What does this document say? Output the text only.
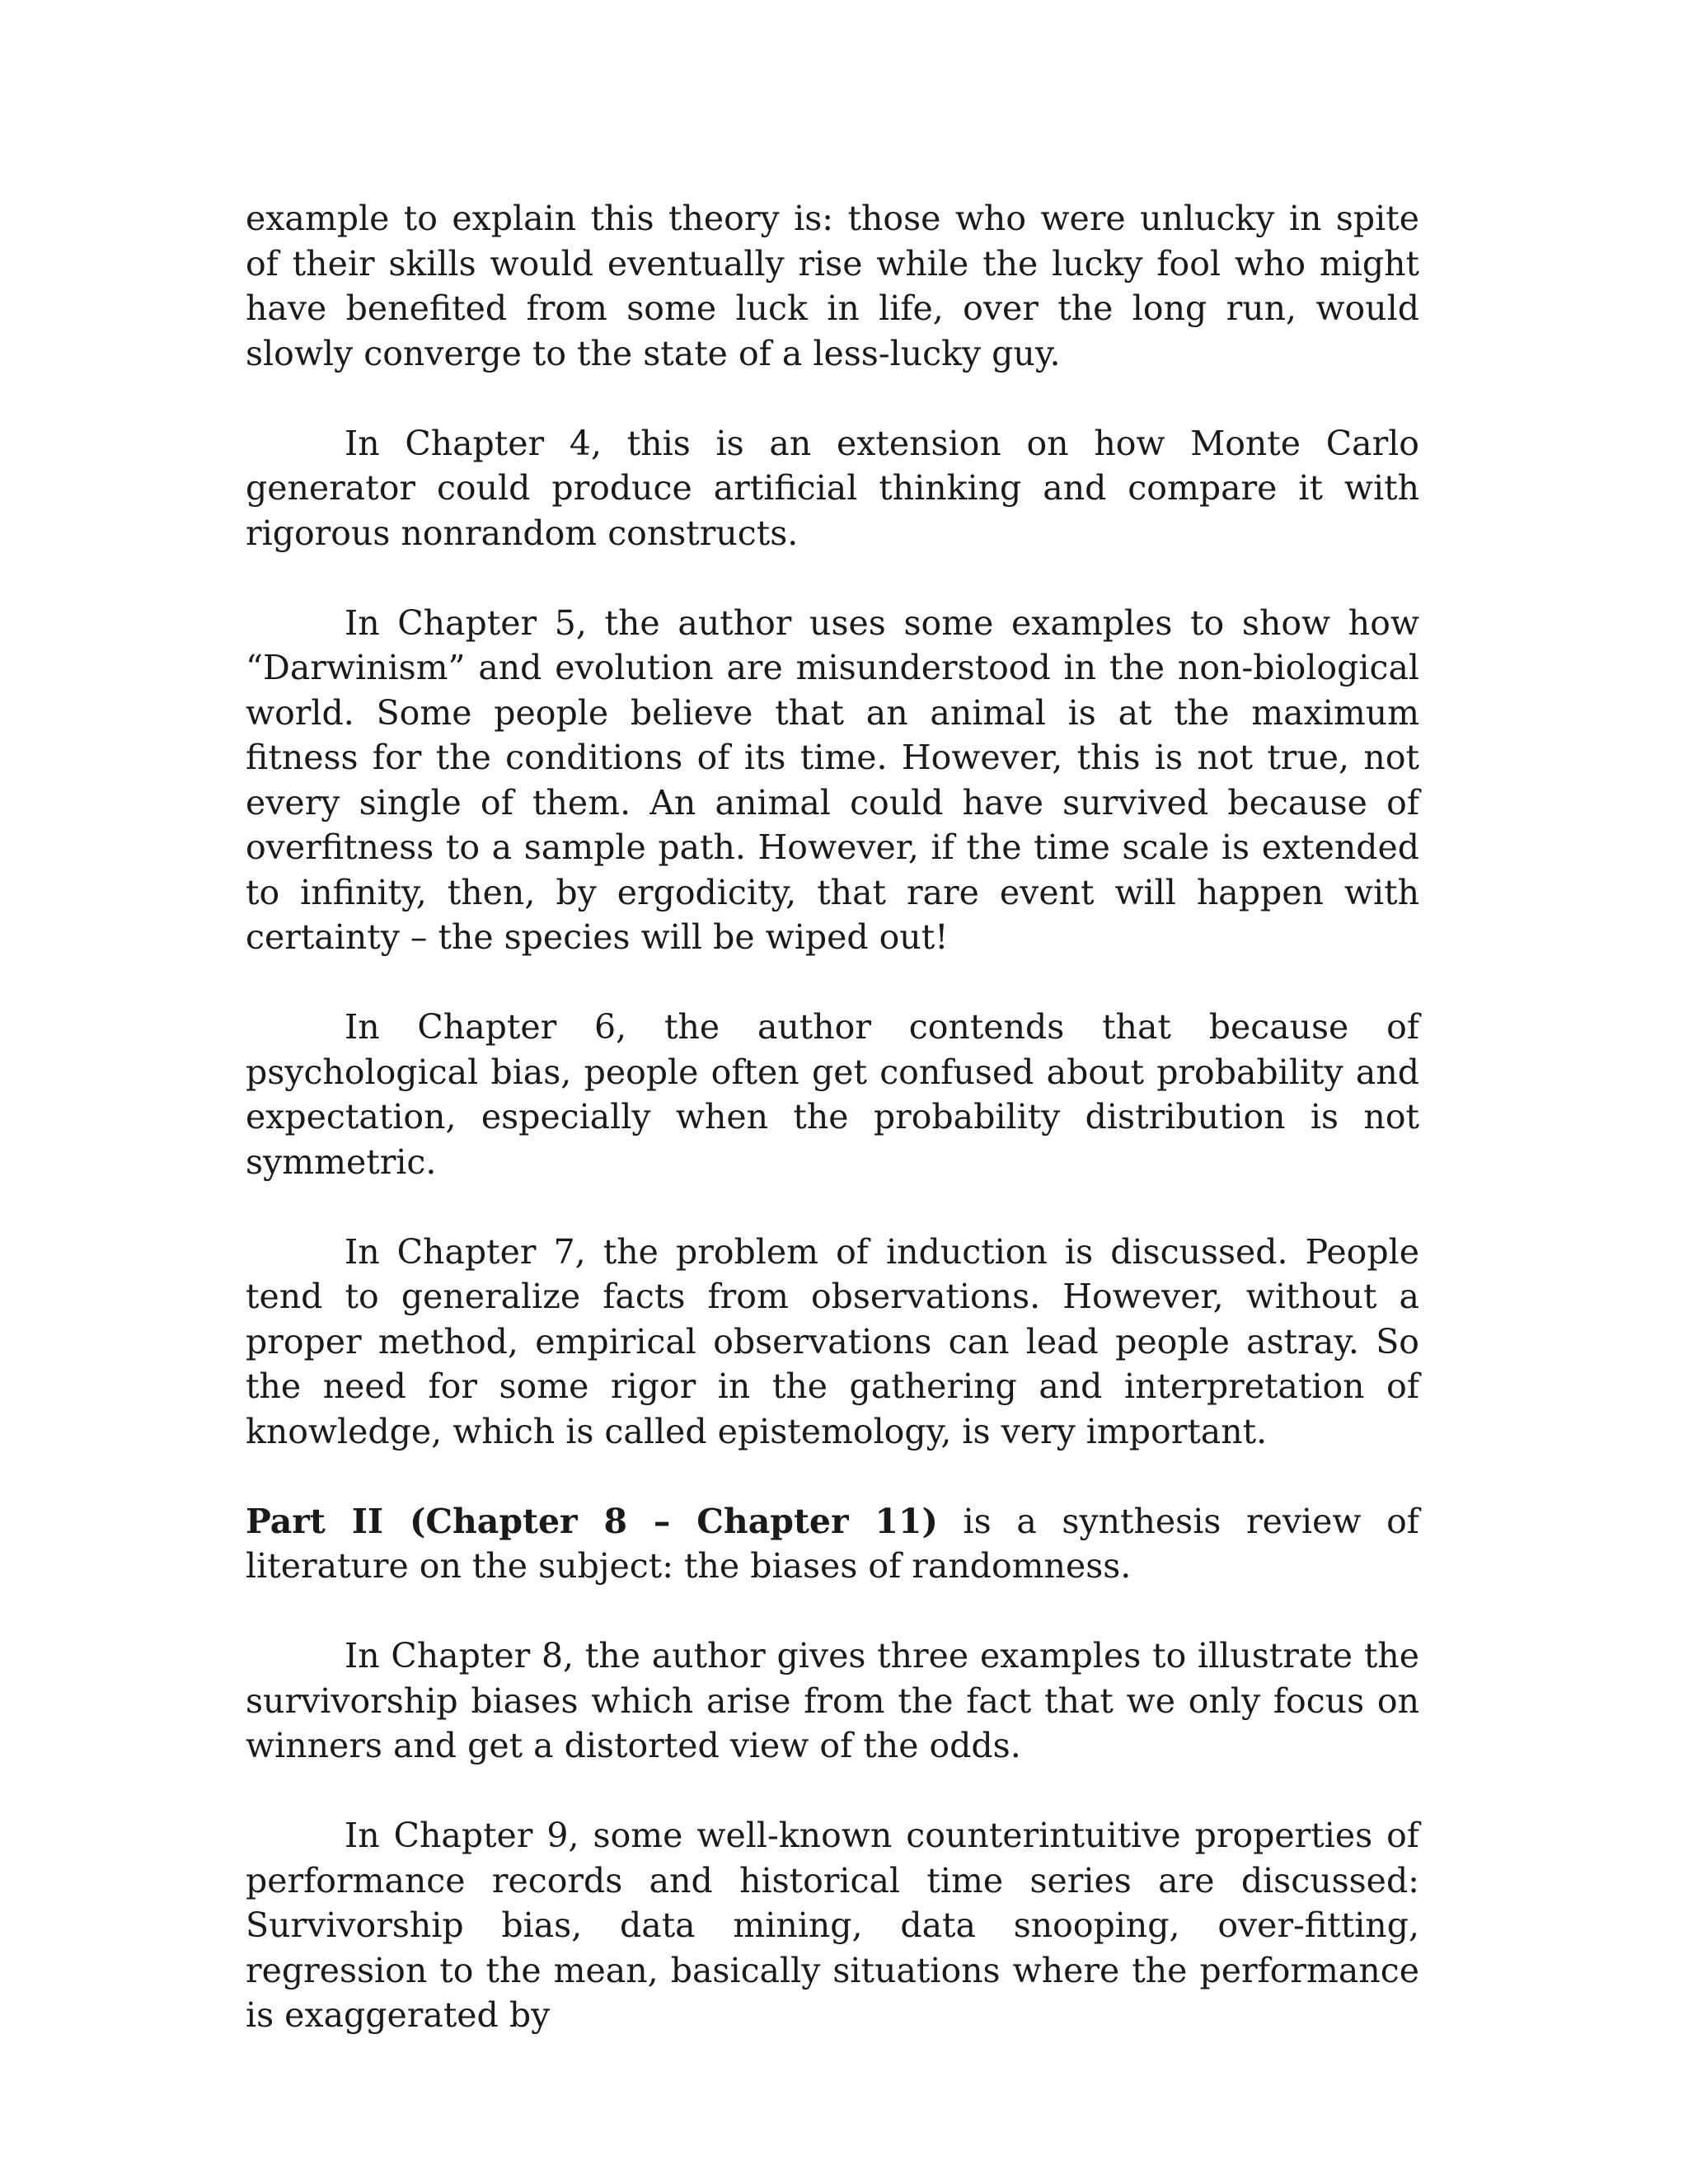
example to explain this theory is: those who were unlucky in spite of their skills would eventually rise while the lucky fool who might have benefited from some luck in life, over the long run, would slowly converge to the state of a less-lucky guy.

In Chapter 4, this is an extension on how Monte Carlo generator could produce artificial thinking and compare it with rigorous nonrandom constructs.

In Chapter 5, the author uses some examples to show how “Darwinism” and evolution are misunderstood in the non-biological world. Some people believe that an animal is at the maximum fitness for the conditions of its time. However, this is not true, not every single of them. An animal could have survived because of overfitness to a sample path. However, if the time scale is extended to infinity, then, by ergodicity, that rare event will happen with certainty – the species will be wiped out!

In Chapter 6, the author contends that because of psychological bias, people often get confused about probability and expectation, especially when the probability distribution is not symmetric.

In Chapter 7, the problem of induction is discussed. People tend to generalize facts from observations. However, without a proper method, empirical observations can lead people astray. So the need for some rigor in the gathering and interpretation of knowledge, which is called epistemology, is very important.

Part II (Chapter 8 – Chapter 11) is a synthesis review of literature on the subject: the biases of randomness.

In Chapter 8, the author gives three examples to illustrate the survivorship biases which arise from the fact that we only focus on winners and get a distorted view of the odds.

In Chapter 9, some well-known counterintuitive properties of performance records and historical time series are discussed: Survivorship bias, data mining, data snooping, over-fitting, regression to the mean, basically situations where the performance is exaggerated by
